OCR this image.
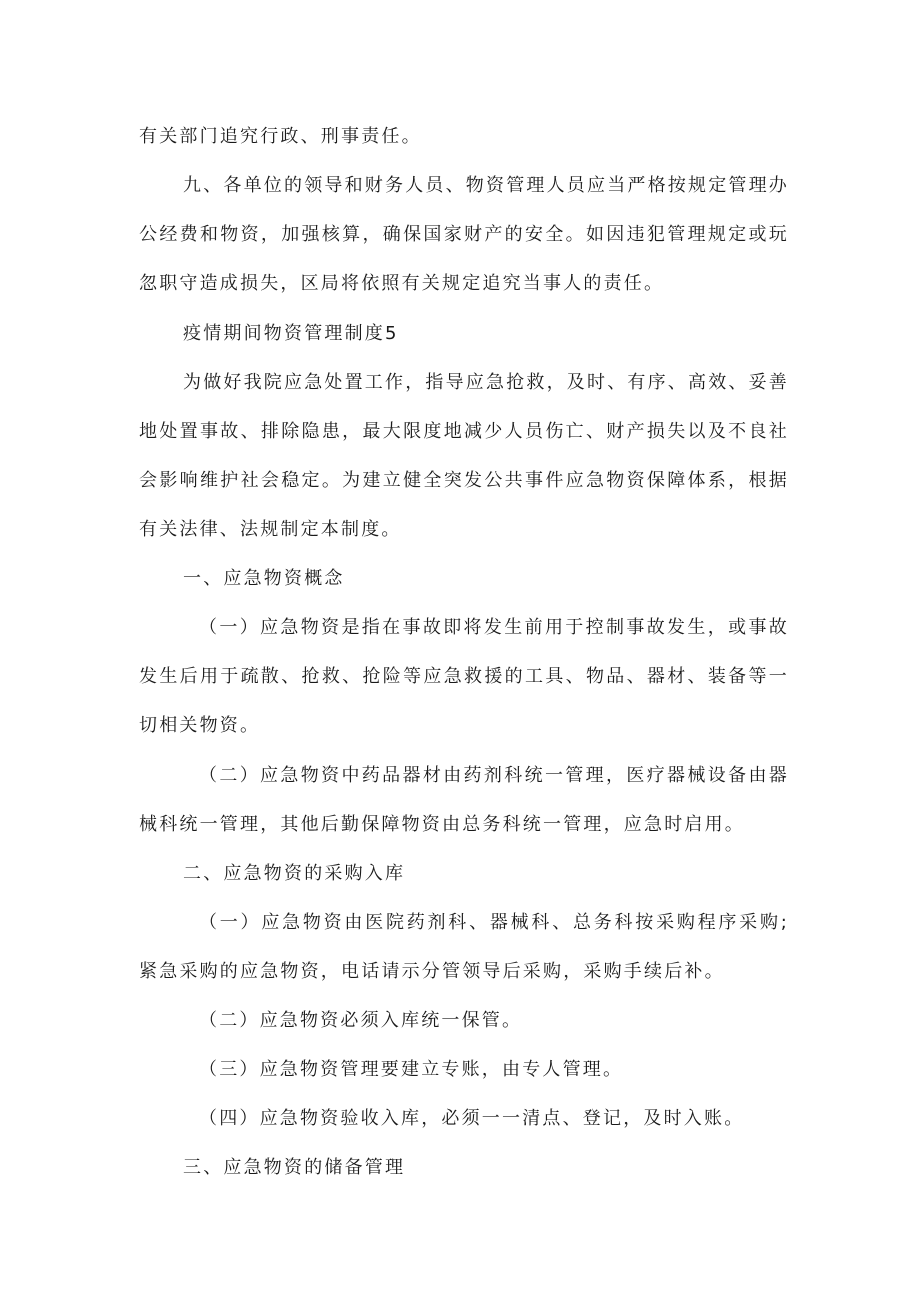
有关部门追究行政、刑事责任。

九、各单位的领导和财务人员、物资管理人员应当严格按规定管理办公经费和物资，加强核算，确保国家财产的安全。如因违犯管理规定或玩忽职守造成损失，区局将依照有关规定追究当事人的责任。

疫情期间物资管理制度5

为做好我院应急处置工作，指导应急抢救，及时、有序、高效、妥善地处置事故、排除隐患，最大限度地减少人员伤亡、财产损失以及不良社会影响维护社会稳定。为建立健全突发公共事件应急物资保障体系，根据有关法律、法规制定本制度。

一、应急物资概念

（一）应急物资是指在事故即将发生前用于控制事故发生，或事故发生后用于疏散、抢救、抢险等应急救援的工具、物品、器材、装备等一切相关物资。

（二）应急物资中药品器材由药剂科统一管理，医疗器械设备由器械科统一管理，其他后勤保障物资由总务科统一管理，应急时启用。

二、应急物资的采购入库

（一）应急物资由医院药剂科、器械科、总务科按采购程序采购;紧急采购的应急物资，电话请示分管领导后采购，采购手续后补。

（二）应急物资必须入库统一保管。

（三）应急物资管理要建立专账，由专人管理。

（四）应急物资验收入库，必须一一清点、登记，及时入账。

三、应急物资的储备管理
